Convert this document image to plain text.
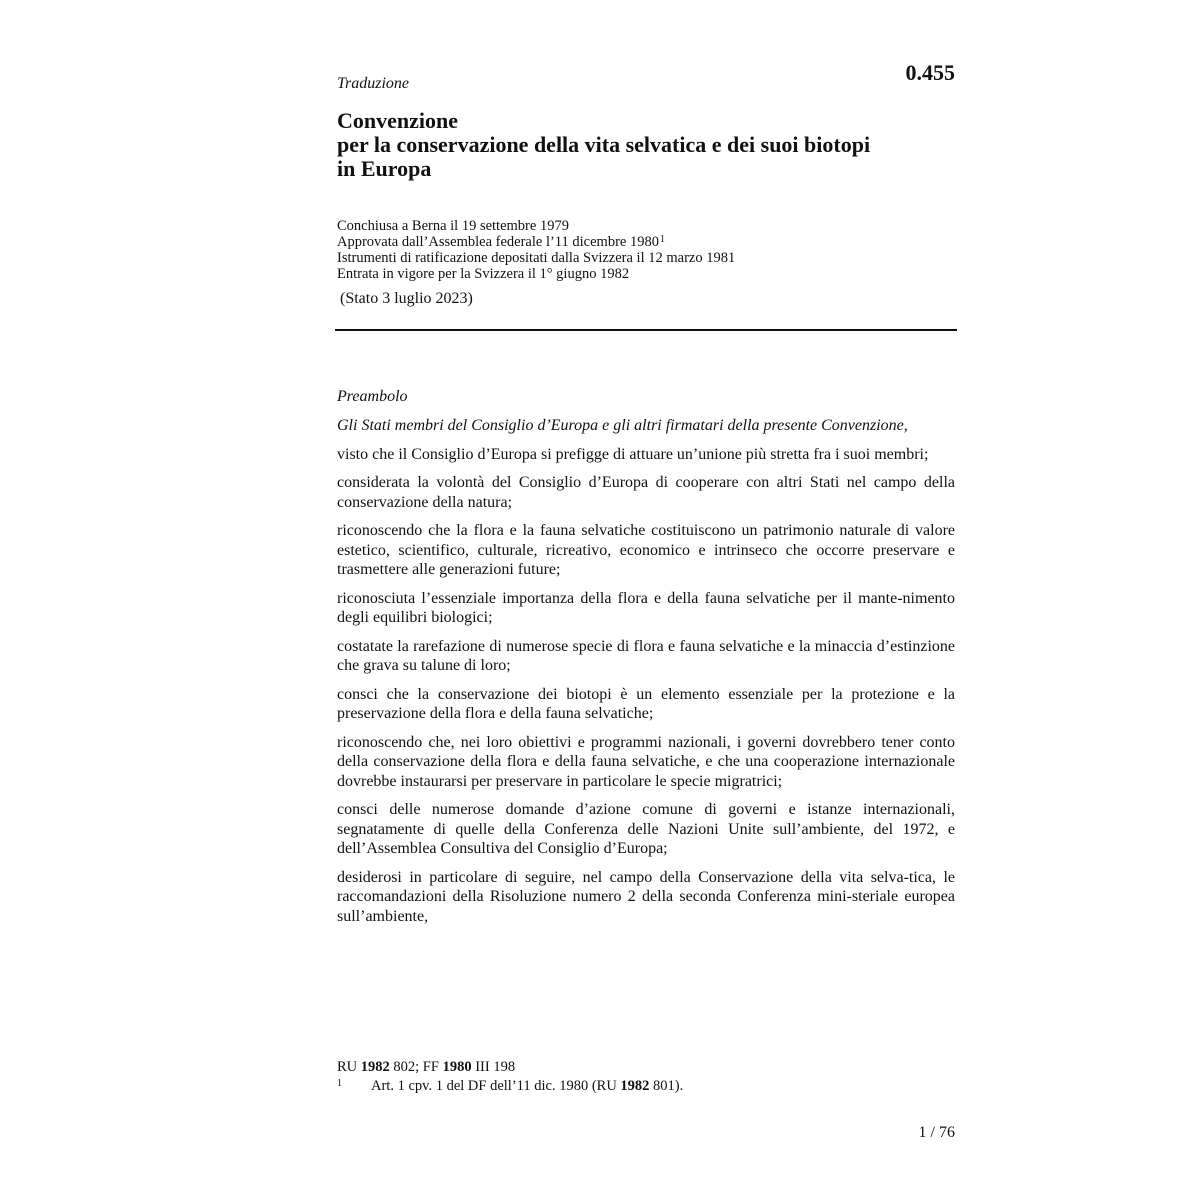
0.455
Traduzione
Convenzione
per la conservazione della vita selvatica e dei suoi biotopi
in Europa
Conchiusa a Berna il 19 settembre 1979
Approvata dall’Assemblea federale l’11 dicembre 1980$^1$
Istrumenti di ratificazione depositati dalla Svizzera il 12 marzo 1981
Entrata in vigore per la Svizzera il 1° giugno 1982
(Stato 3 luglio 2023)
Preambolo

Gli Stati membri del Consiglio d’Europa e gli altri firmatari della presente Convenzione,

visto che il Consiglio d’Europa si prefigge di attuare un’unione più stretta fra i suoi membri;

considerata la volontà del Consiglio d’Europa di cooperare con altri Stati nel campo della conservazione della natura;

riconoscendo che la flora e la fauna selvatiche costituiscono un patrimonio naturale di valore estetico, scientifico, culturale, ricreativo, economico e intrinseco che occorre preservare e trasmettere alle generazioni future;

riconosciuta l’essenziale importanza della flora e della fauna selvatiche per il mante-nimento degli equilibri biologici;

costatate la rarefazione di numerose specie di flora e fauna selvatiche e la minaccia d’estinzione che grava su talune di loro;

consci che la conservazione dei biotopi è un elemento essenziale per la protezione e la preservazione della flora e della fauna selvatiche;

riconoscendo che, nei loro obiettivi e programmi nazionali, i governi dovrebbero tener conto della conservazione della flora e della fauna selvatiche, e che una cooperazione internazionale dovrebbe instaurarsi per preservare in particolare le specie migratrici;

consci delle numerose domande d’azione comune di governi e istanze internazionali, segnatamente di quelle della Conferenza delle Nazioni Unite sull’ambiente, del 1972, e dell’Assemblea Consultiva del Consiglio d’Europa;

desiderosi in particolare di seguire, nel campo della Conservazione della vita selva-tica, le raccomandazioni della Risoluzione numero 2 della seconda Conferenza mini-steriale europea sull’ambiente,

RU 1982 802; FF 1980 III 198
1	Art. 1 cpv. 1 del DF dell’11 dic. 1980 (RU 1982 801).
1 / 76
